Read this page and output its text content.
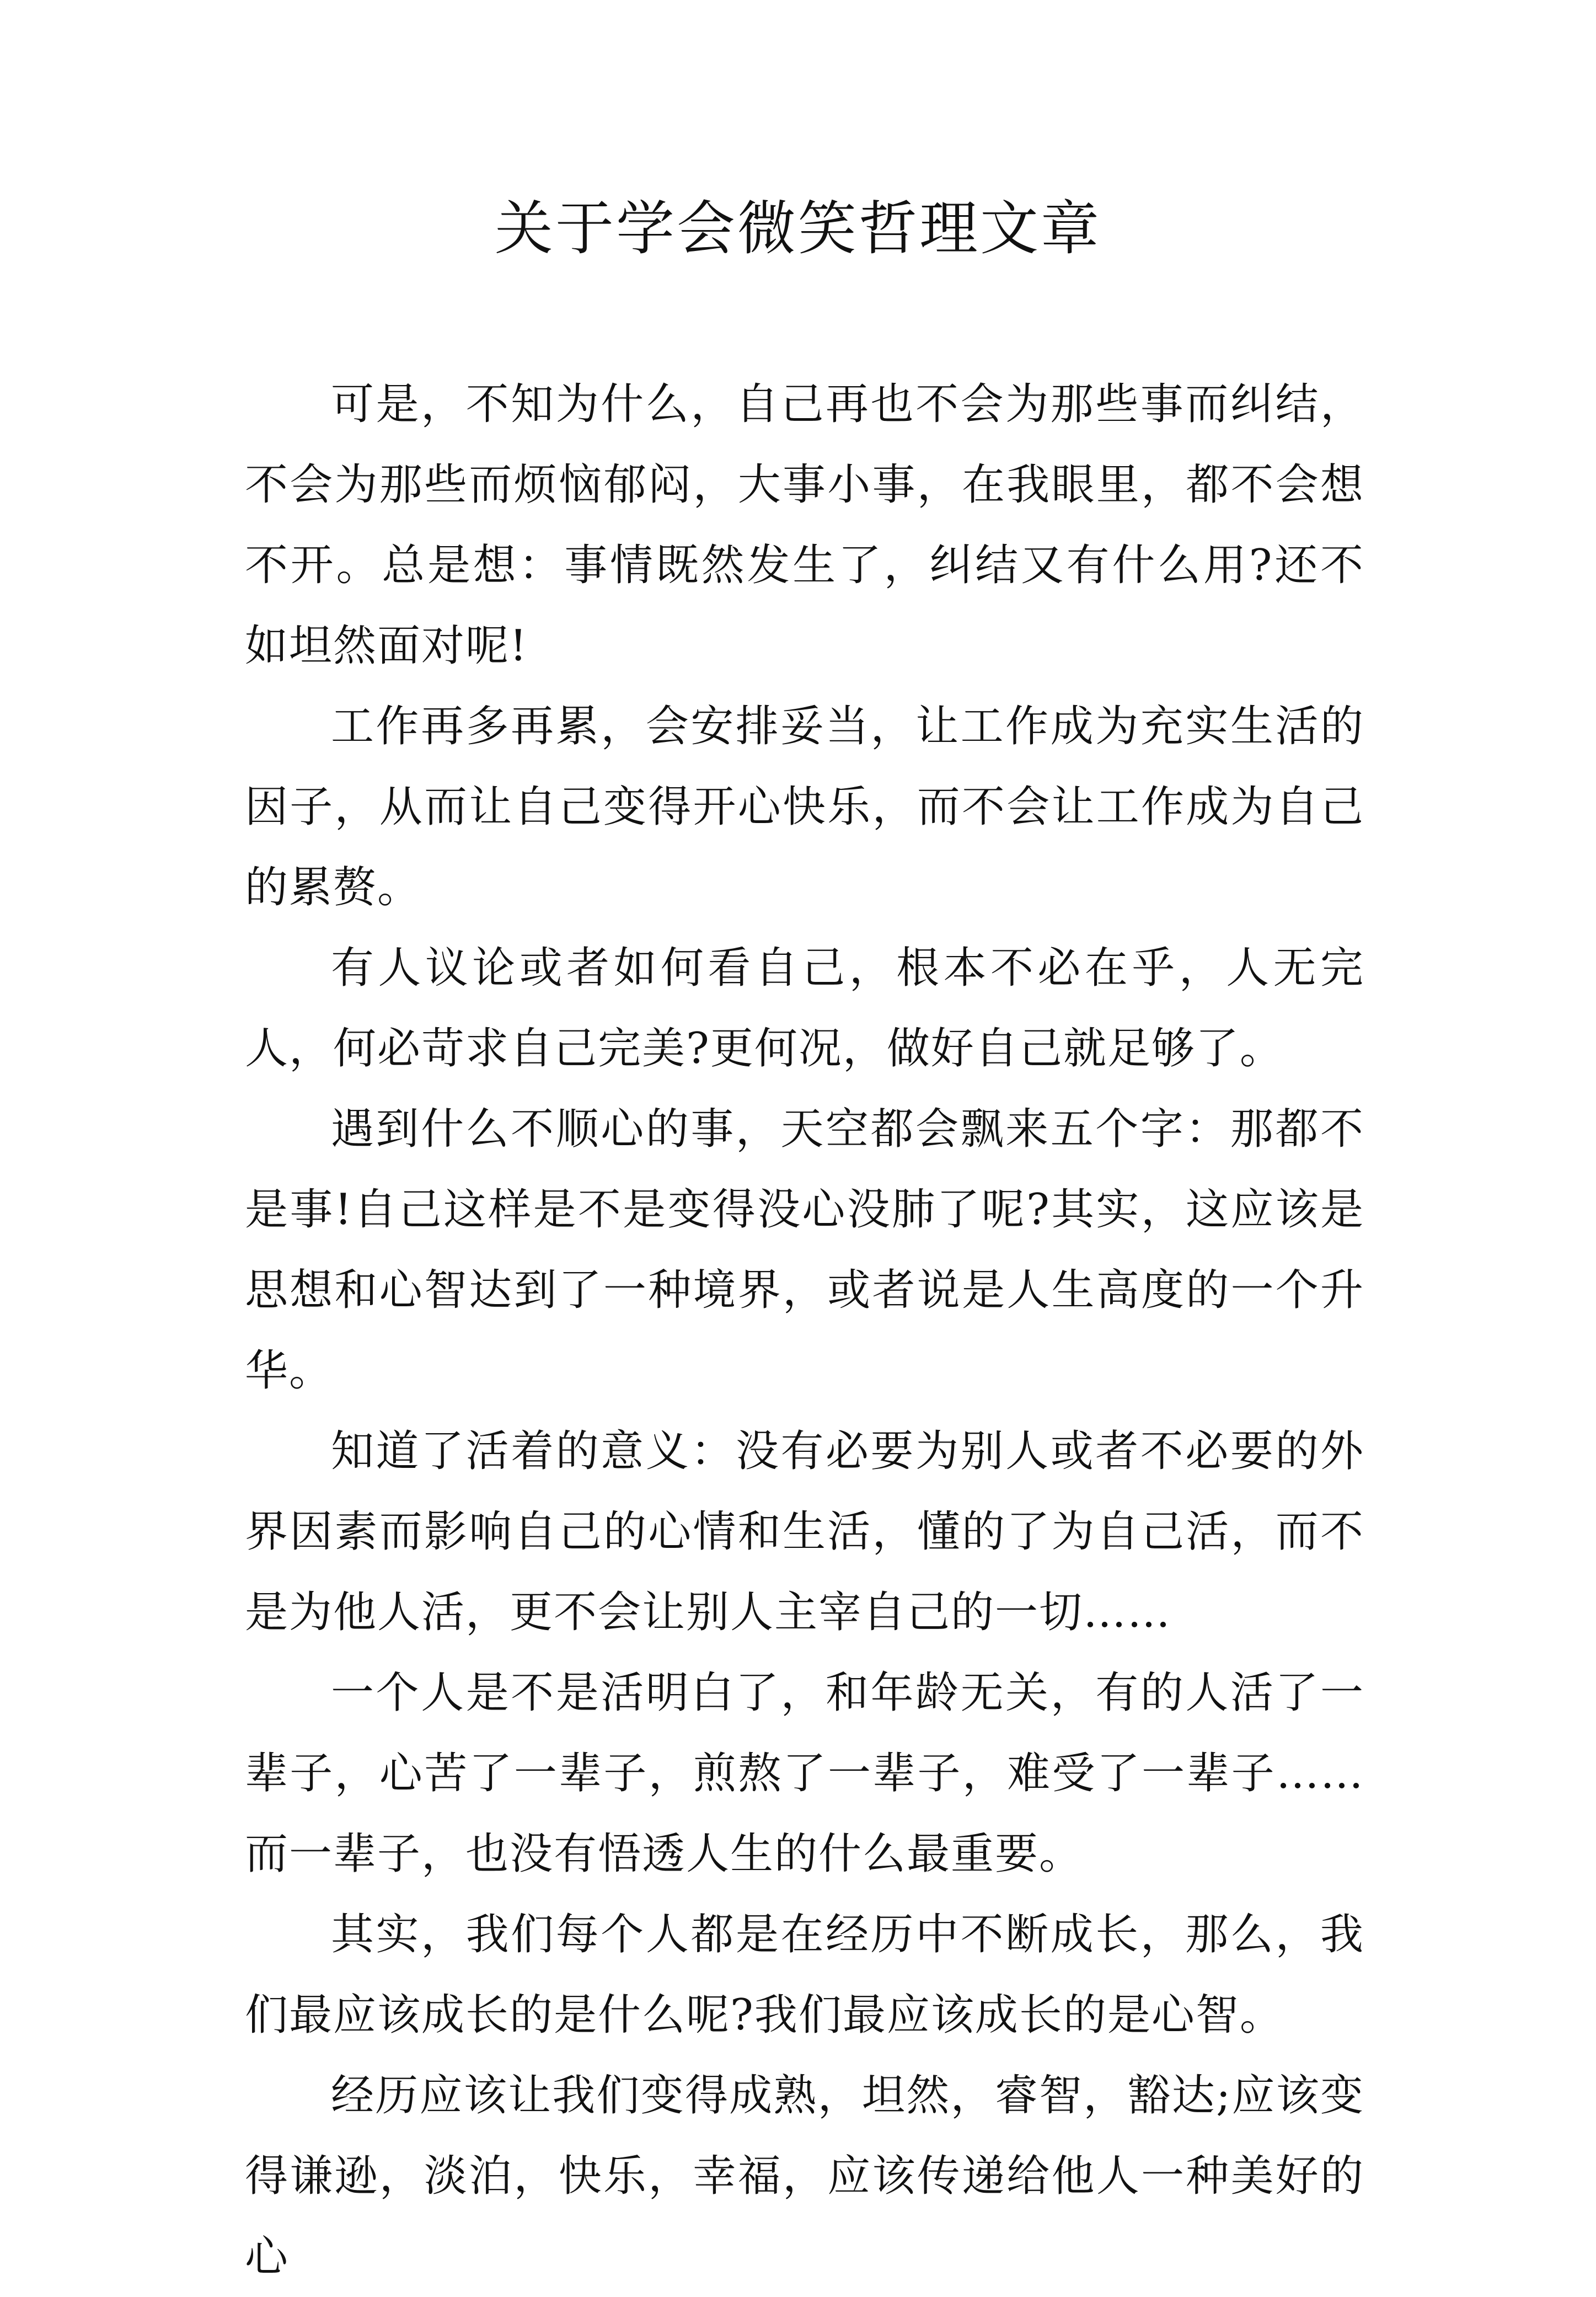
关于学会微笑哲理文章

可是，不知为什么，自己再也不会为那些事而纠结，不会为那些而烦恼郁闷，大事小事，在我眼里，都不会想不开。总是想：事情既然发生了，纠结又有什么用?还不如坦然面对呢!

工作再多再累，会安排妥当，让工作成为充实生活的因子，从而让自己变得开心快乐，而不会让工作成为自己的累赘。

有人议论或者如何看自己，根本不必在乎，人无完人，何必苛求自己完美?更何况，做好自己就足够了。

遇到什么不顺心的事，天空都会飘来五个字：那都不是事!自己这样是不是变得没心没肺了呢?其实，这应该是思想和心智达到了一种境界，或者说是人生高度的一个升华。

知道了活着的意义：没有必要为别人或者不必要的外界因素而影响自己的心情和生活，懂的了为自己活，而不是为他人活，更不会让别人主宰自己的一切……

一个人是不是活明白了，和年龄无关，有的人活了一辈子，心苦了一辈子，煎熬了一辈子，难受了一辈子……而一辈子，也没有悟透人生的什么最重要。

其实，我们每个人都是在经历中不断成长，那么，我们最应该成长的是什么呢?我们最应该成长的是心智。

经历应该让我们变得成熟，坦然，睿智，豁达;应该变得谦逊，淡泊，快乐，幸福，应该传递给他人一种美好的心
